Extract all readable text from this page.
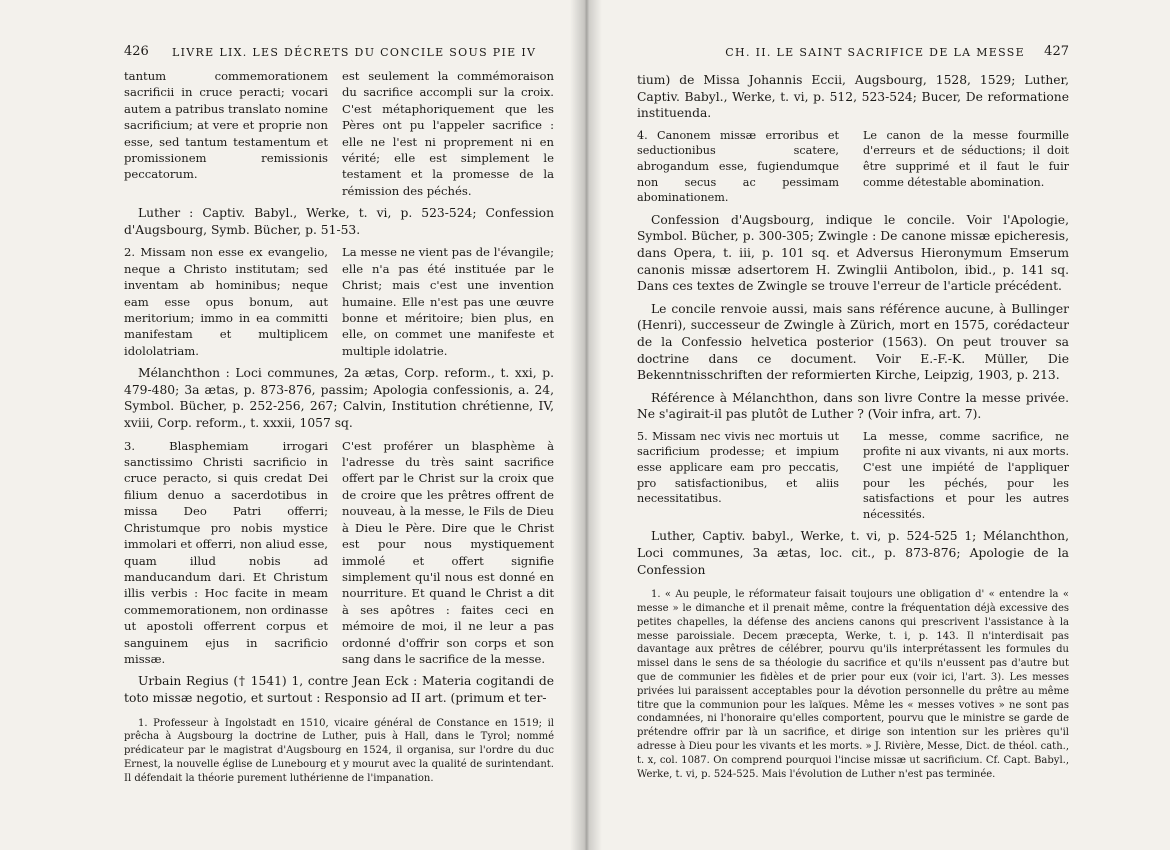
426 LIVRE LIX. LES DÉCRETS DU CONCILE SOUS PIE IV
tantum commemorationem sacrificii in cruce peracti; vocari autem a patribus translato nomine sacrificium; at vere et proprie non esse, sed tantum testamentum et promissionem remissionis peccatorum.
est seulement la commémoraison du sacrifice accompli sur la croix. C'est métaphoriquement que les Pères ont pu l'appeler sacrifice : elle ne l'est ni proprement ni en vérité; elle est simplement le testament et la promesse de la rémission des péchés.
Luther : Captiv. Babyl., Werke, t. vi, p. 523-524; Confession d'Augsbourg, Symb. Bücher, p. 51-53.
2. Missam non esse ex evangelio, neque a Christo institutam; sed inventam ab hominibus; neque eam esse opus bonum, aut meritorium; immo in ea committi manifestam et multiplicem idololatriam.
La messe ne vient pas de l'évangile; elle n'a pas été instituée par le Christ; mais c'est une invention humaine. Elle n'est pas une œuvre bonne et méritoire; bien plus, en elle, on commet une manifeste et multiple idolatrie.
Mélanchthon : Loci communes, 2a ætas, Corp. reform., t. xxi, p. 479-480; 3a ætas, p. 873-876, passim; Apologia confessionis, a. 24, Symbol. Bücher, p. 252-256, 267; Calvin, Institution chrétienne, IV, xviii, Corp. reform., t. xxxii, 1057 sq.
3. Blasphemiam irrogari sanctissimo Christi sacrificio in cruce peracto, si quis credat Dei filium denuo a sacerdotibus in missa Deo Patri offerri; Christumque pro nobis mystice immolari et offerri, non aliud esse, quam illud nobis ad manducandum dari. Et Christum illis verbis : Hoc facite in meam commemorationem, non ordinasse ut apostoli offerrent corpus et sanguinem ejus in sacrificio missæ.
C'est proférer un blasphème à l'adresse du très saint sacrifice offert par le Christ sur la croix que de croire que les prêtres offrent de nouveau, à la messe, le Fils de Dieu à Dieu le Père. Dire que le Christ est pour nous mystiquement immolé et offert signifie simplement qu'il nous est donné en nourriture. Et quand le Christ a dit à ses apôtres : faites ceci en mémoire de moi, il ne leur a pas ordonné d'offrir son corps et son sang dans le sacrifice de la messe.
Urbain Regius († 1541) 1, contre Jean Eck : Materia cogitandi de toto missæ negotio, et surtout : Responsio ad II art. (primum et ter-
1. Professeur à Ingolstadt en 1510, vicaire général de Constance en 1519; il prêcha à Augsbourg la doctrine de Luther, puis à Hall, dans le Tyrol; nommé prédicateur par le magistrat d'Augsbourg en 1524, il organisa, sur l'ordre du duc Ernest, la nouvelle église de Lunebourg et y mourut avec la qualité de surintendant. Il défendait la théorie purement luthérienne de l'impanation.
CH. II. LE SAINT SACRIFICE DE LA MESSE 427
tium) de Missa Johannis Eccii, Augsbourg, 1528, 1529; Luther, Captiv. Babyl., Werke, t. vi, p. 512, 523-524; Bucer, De reformatione instituenda.
4. Canonem missæ erroribus et seductionibus scatere, abrogandum esse, fugiendumque non secus ac pessimam abominationem.
Le canon de la messe fourmille d'erreurs et de séductions; il doit être supprimé et il faut le fuir comme détestable abomination.
Confession d'Augsbourg, indique le concile. Voir l'Apologie, Symbol. Bücher, p. 300-305; Zwingle : De canone missæ epicheresis, dans Opera, t. iii, p. 101 sq. et Adversus Hieronymum Emserum canonis missæ adsertorem H. Zwinglii Antibolon, ibid., p. 141 sq. Dans ces textes de Zwingle se trouve l'erreur de l'article précédent.
Le concile renvoie aussi, mais sans référence aucune, à Bullinger (Henri), successeur de Zwingle à Zürich, mort en 1575, corédacteur de la Confessio helvetica posterior (1563). On peut trouver sa doctrine dans ce document. Voir E.-F.-K. Müller, Die Bekenntnisschriften der reformierten Kirche, Leipzig, 1903, p. 213.
Référence à Mélanchthon, dans son livre Contre la messe privée. Ne s'agirait-il pas plutôt de Luther ? (Voir infra, art. 7).
5. Missam nec vivis nec mortuis ut sacrificium prodesse; et impium esse applicare eam pro peccatis, pro satisfactionibus, et aliis necessitatibus.
La messe, comme sacrifice, ne profite ni aux vivants, ni aux morts. C'est une impiété de l'appliquer pour les péchés, pour les satisfactions et pour les autres nécessités.
Luther, Captiv. babyl., Werke, t. vi, p. 524-525 1; Mélanchthon, Loci communes, 3a ætas, loc. cit., p. 873-876; Apologie de la Confession
1. « Au peuple, le réformateur faisait toujours une obligation d' « entendre la « messe » le dimanche et il prenait même, contre la fréquentation déjà excessive des petites chapelles, la défense des anciens canons qui prescrivent l'assistance à la messe paroissiale. Decem præcepta, Werke, t. i, p. 143. Il n'interdisait pas davantage aux prêtres de célébrer, pourvu qu'ils interprétassent les formules du missel dans le sens de sa théologie du sacrifice et qu'ils n'eussent pas d'autre but que de communier les fidèles et de prier pour eux (voir ici, l'art. 3). Les messes privées lui paraissent acceptables pour la dévotion personnelle du prêtre au même titre que la communion pour les laïques. Même les « messes votives » ne sont pas condamnées, ni l'honoraire qu'elles comportent, pourvu que le ministre se garde de prétendre offrir par là un sacrifice, et dirige son intention sur les prières qu'il adresse à Dieu pour les vivants et les morts. » J. Rivière, Messe, Dict. de théol. cath., t. x, col. 1087. On comprend pourquoi l'incise missæ ut sacrificium. Cf. Capt. Babyl., Werke, t. vi, p. 524-525. Mais l'évolution de Luther n'est pas terminée.
